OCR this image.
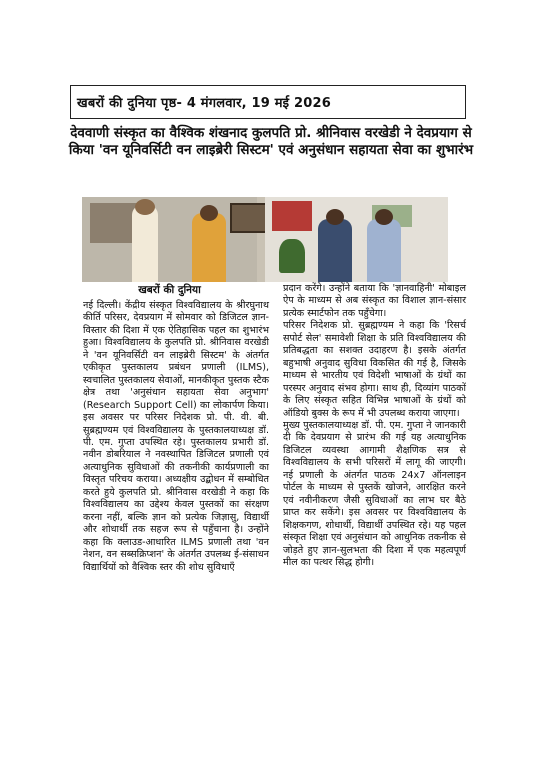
खबरों की दुनिया पृष्ठ- 4 मंगलवार, 19 मई 2026
देववाणी संस्कृत का वैश्विक शंखनाद कुलपति प्रो. श्रीनिवास वरखेडी ने देवप्रयाग से किया 'वन यूनिवर्सिटी वन लाइब्रेरी सिस्टम' एवं अनुसंधान सहायता सेवा का शुभारंभ
खबरों की दुनिया

नई दिल्ली। केंद्रीय संस्कृत विश्वविद्यालय के श्रीरघुनाथ कीर्ति परिसर, देवप्रयाग में सोमवार को डिजिटल ज्ञान-विस्तार की दिशा में एक ऐतिहासिक पहल का शुभारंभ हुआ। विश्वविद्यालय के कुलपति प्रो. श्रीनिवास वरखेडी ने 'वन यूनिवर्सिटी वन लाइब्रेरी सिस्टम' के अंतर्गत एकीकृत पुस्तकालय प्रबंधन प्रणाली (ILMS), स्वचालित पुस्तकालय सेवाओं, मानकीकृत पुस्तक स्टैक क्षेत्र तथा 'अनुसंधान सहायता सेवा अनुभाग' (Research Support Cell) का लोकार्पण किया। इस अवसर पर परिसर निदेशक प्रो. पी. वी. बी. सुब्रह्मण्यम एवं विश्वविद्यालय के पुस्तकालयाध्यक्ष डॉ. पी. एम. गुप्ता उपस्थित रहे। पुस्तकालय प्रभारी डॉ. नवीन डोबरियाल ने नवस्थापित डिजिटल प्रणाली एवं अत्याधुनिक सुविधाओं की तकनीकी कार्यप्रणाली का विस्तृत परिचय कराया। अध्यक्षीय उद्बोधन में सम्बोधित करते हुये कुलपति प्रो. श्रीनिवास वरखेडी ने कहा कि विश्वविद्यालय का उद्देश्य केवल पुस्तकों का संरक्षण करना नहीं, बल्कि ज्ञान को प्रत्येक जिज्ञासु, विद्यार्थी और शोधार्थी तक सहज रूप से पहुँचाना है। उन्होंने कहा कि क्लाउड-आधारित ILMS प्रणाली तथा 'वन नेशन, वन सब्सक्रिप्शन' के अंतर्गत उपलब्ध ई-संसाधन विद्यार्थियों को वैश्विक स्तर की शोध सुविधाएँ

प्रदान करेंगे। उन्होंने बताया कि 'ज्ञानवाहिनी' मोबाइल ऐप के माध्यम से अब संस्कृत का विशाल ज्ञान-संसार प्रत्येक स्मार्टफोन तक पहुँचेगा।

परिसर निदेशक प्रो. सुब्रह्मण्यम ने कहा कि 'रिसर्च सपोर्ट सेल' समावेशी शिक्षा के प्रति विश्वविद्यालय की प्रतिबद्धता का सशक्त उदाहरण है। इसके अंतर्गत बहुभाषी अनुवाद सुविधा विकसित की गई है, जिसके माध्यम से भारतीय एवं विदेशी भाषाओं के ग्रंथों का परस्पर अनुवाद संभव होगा। साथ ही, दिव्यांग पाठकों के लिए संस्कृत सहित विभिन्न भाषाओं के ग्रंथों को ऑडियो बुक्स के रूप में भी उपलब्ध कराया जाएगा।

मुख्य पुस्तकालयाध्यक्ष डॉ. पी. एम. गुप्ता ने जानकारी दी कि देवप्रयाग से प्रारंभ की गई यह अत्याधुनिक डिजिटल व्यवस्था आगामी शैक्षणिक सत्र से विश्वविद्यालय के सभी परिसरों में लागू की जाएगी। नई प्रणाली के अंतर्गत पाठक 24x7 ऑनलाइन पोर्टल के माध्यम से पुस्तकें खोजने, आरक्षित करने एवं नवीनीकरण जैसी सुविधाओं का लाभ घर बैठे प्राप्त कर सकेंगे। इस अवसर पर विश्वविद्यालय के शिक्षकगण, शोधार्थी, विद्यार्थी उपस्थित रहे। यह पहल संस्कृत शिक्षा एवं अनुसंधान को आधुनिक तकनीक से जोड़ते हुए ज्ञान-सुलभता की दिशा में एक महत्वपूर्ण मील का पत्थर सिद्ध होगी।
